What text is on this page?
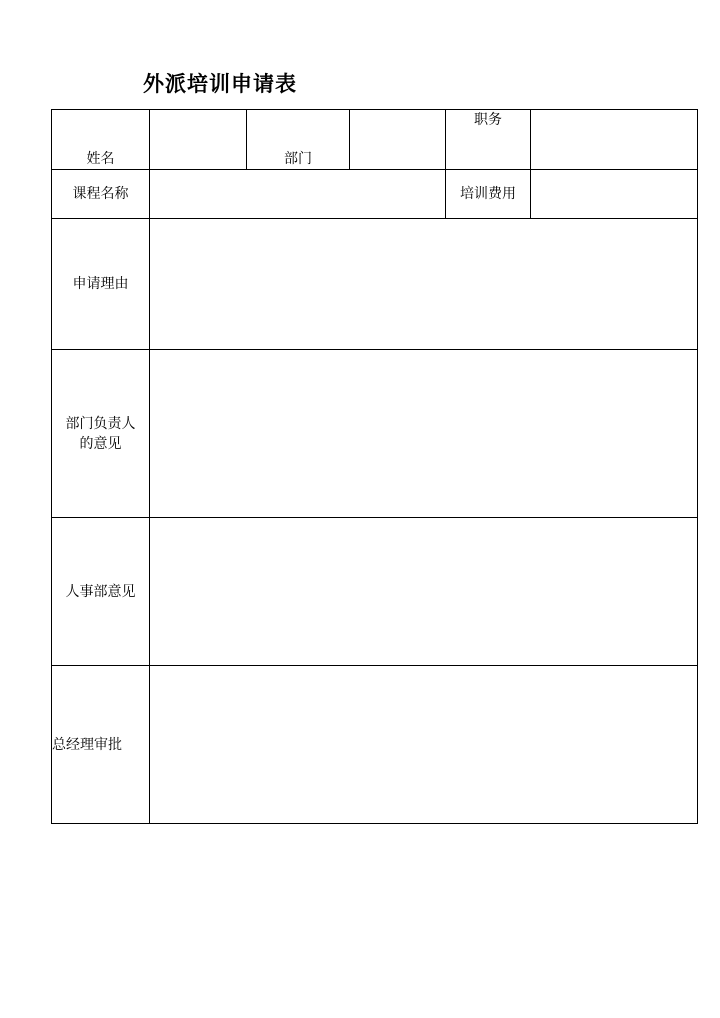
外派培训申请表
姓名		部门		职务	
课程名称				培训费用	
申请理由					
部门负责人的意见					
人事部意见					
总经理审批					
